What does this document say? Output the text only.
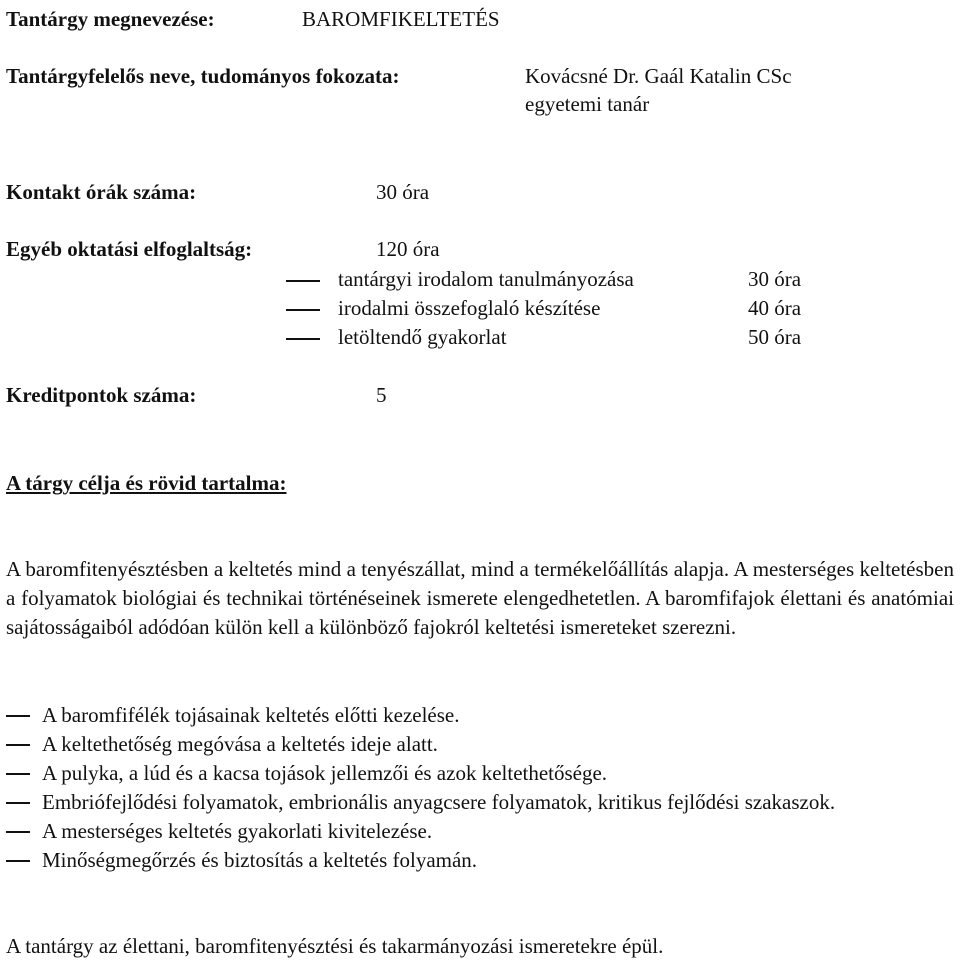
Tantárgy megnevezése:	BAROMFIKELTETÉS
Tantárgyfelelős neve, tudományos fokozata:	Kovácsné Dr. Gaál Katalin CSc
egyetemi tanár
Kontakt órák száma:	30 óra
Egyéb oktatási elfoglaltság:	120 óra
tantárgyi irodalom tanulmányozása	30 óra
irodalmi összefoglaló készítése	40 óra
letöltendő gyakorlat	50 óra
Kreditpontok száma:	5
A tárgy célja és rövid tartalma:

A baromfitenyésztésben a keltetés mind a tenyészállat, mind a termékelőállítás alapja. A mesterséges keltetésben a folyamatok biológiai és technikai történéseinek ismerete elengedhetetlen. A baromfifajok élettani és anatómiai sajátosságaiból adódóan külön kell a különböző fajokról keltetési ismereteket szerezni.

A baromfifélék tojásainak keltetés előtti kezelése.
A keltethetőség megóvása a keltetés ideje alatt.
A pulyka, a lúd és a kacsa tojások jellemzői és azok keltethetősége.
Embriófejlődési folyamatok, embrionális anyagcsere folyamatok, kritikus fejlődési szakaszok.
A mesterséges keltetés gyakorlati kivitelezése.
Minőségmegőrzés és biztosítás a keltetés folyamán.
A tantárgy az élettani, baromfitenyésztési és takarmányozási ismeretekre épül.
